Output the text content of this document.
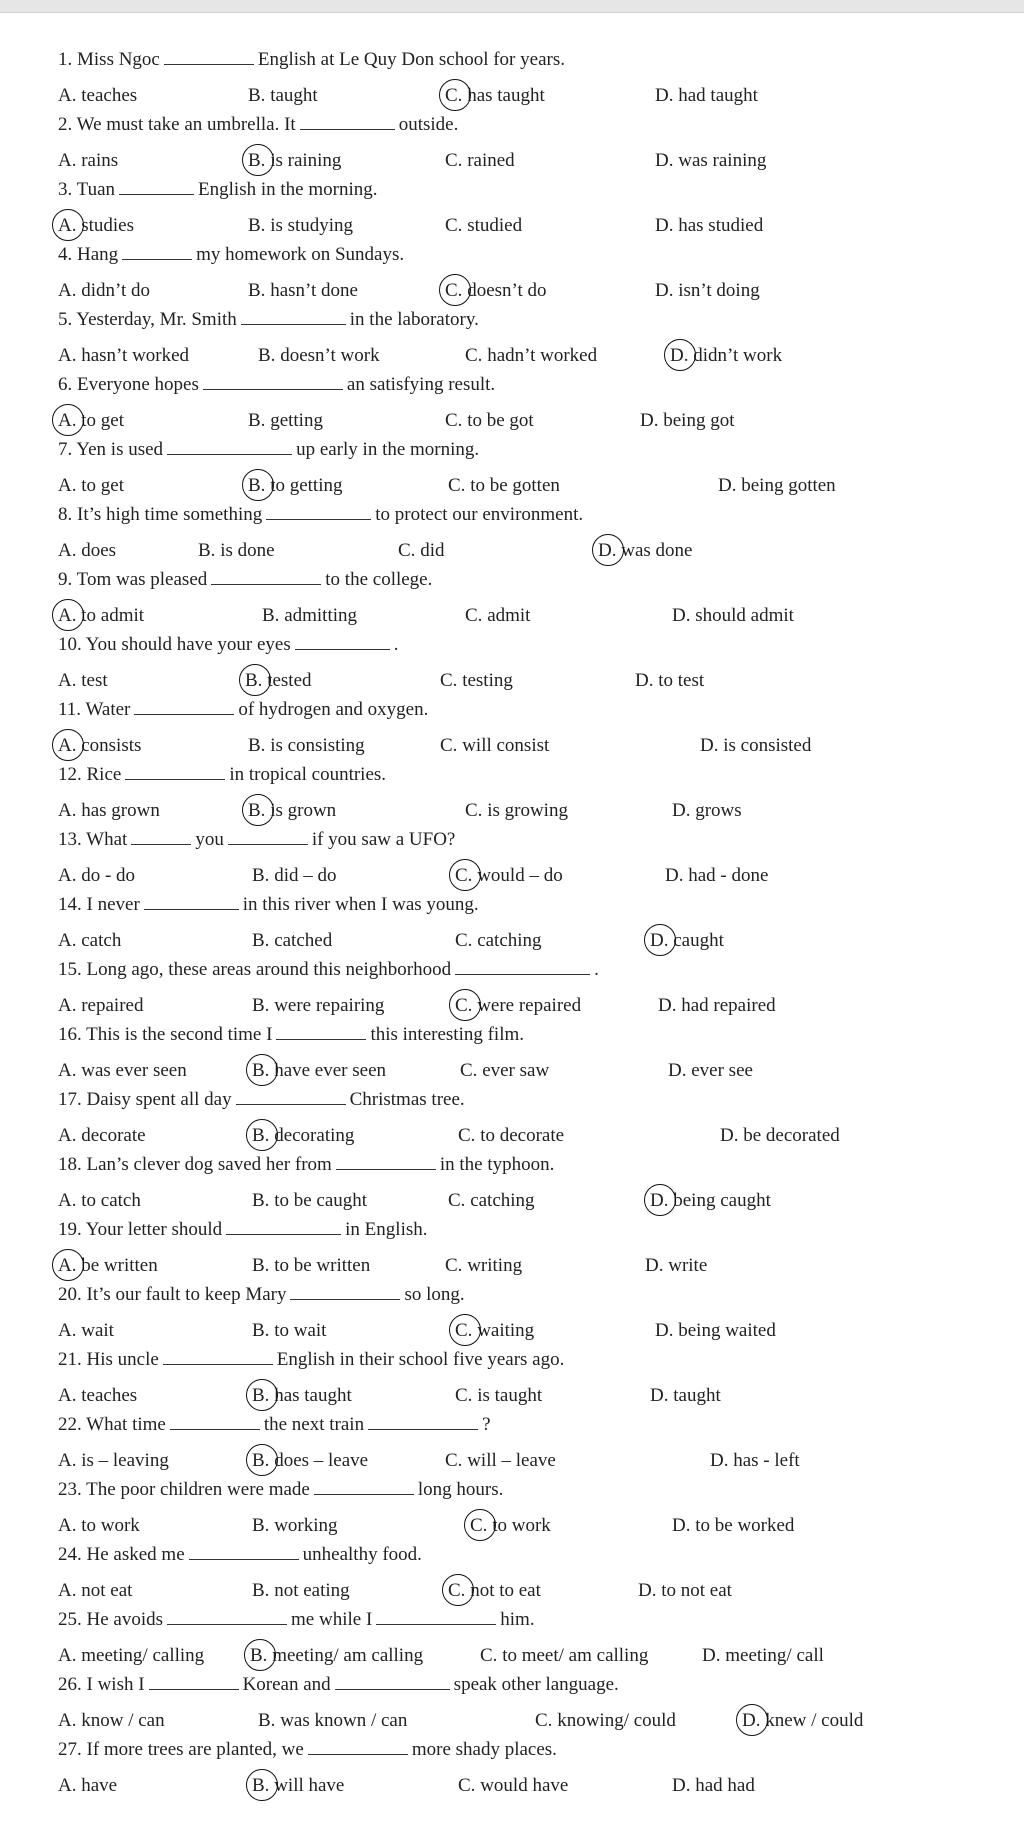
1. Miss Ngoc	English at Le Quy Don school for years.
A. teaches	B. taught	C. has taught	D. had taught
2. We must take an umbrella. It	outside.
A. rains	B. is raining	C. rained	D. was raining
3. Tuan	English in the morning.
A. studies	B. is studying	C. studied	D. has studied
4. Hang	my homework on Sundays.
A. didn’t do	B. hasn’t done	C. doesn’t do	D. isn’t doing
5. Yesterday, Mr. Smith	in the laboratory.
A. hasn’t worked	B. doesn’t work	C. hadn’t worked	D. didn’t work
6. Everyone hopes	an satisfying result.
A. to get	B. getting	C. to be got	D. being got
7. Yen is used	up early in the morning.
A. to get	B. to getting	C. to be gotten	D. being gotten
8. It’s high time something	to protect our environment.
A. does	B. is done	C. did	D. was done
9. Tom was pleased	to the college.
A. to admit	B. admitting	C. admit	D. should admit
10. You should have your eyes	.
A. test	B. tested	C. testing	D. to test
11. Water	of hydrogen and oxygen.
A. consists	B. is consisting	C. will consist	D. is consisted
12. Rice	in tropical countries.
A. has grown	B. is grown	C. is growing	D. grows
13. What	you	if you saw a UFO?
A. do - do	B. did – do	C. would – do	D. had - done
14. I never	in this river when I was young.
A. catch	B. catched	C. catching	D. caught
15. Long ago, these areas around this neighborhood	.
A. repaired	B. were repairing	C. were repaired	D. had repaired
16. This is the second time I	this interesting film.
A. was ever seen	B. have ever seen	C. ever saw	D. ever see
17. Daisy spent all day	Christmas tree.
A. decorate	B. decorating	C. to decorate	D. be decorated
18. Lan’s clever dog saved her from	in the typhoon.
A. to catch	B. to be caught	C. catching	D. being caught
19. Your letter should	in English.
A. be written	B. to be written	C. writing	D. write
20. It’s our fault to keep Mary	so long.
A. wait	B. to wait	C. waiting	D. being waited
21. His uncle	English in their school five years ago.
A. teaches	B. has taught	C. is taught	D. taught
22. What time	the next train	?
A. is – leaving	B. does – leave	C. will – leave	D. has - left
23. The poor children were made	long hours.
A. to work	B. working	C. to work	D. to be worked
24. He asked me	unhealthy food.
A. not eat	B. not eating	C. not to eat	D. to not eat
25. He avoids	me while I	him.
A. meeting/ calling B. meeting/ am calling	C. to meet/ am calling	D. meeting/ call
26. I wish I	Korean and	speak other language.
A. know / can	B. was known / can	C. knowing/ could	D. knew / could
27. If more trees are planted, we	more shady places.
A. have	B. will have	C. would have	D. had had
